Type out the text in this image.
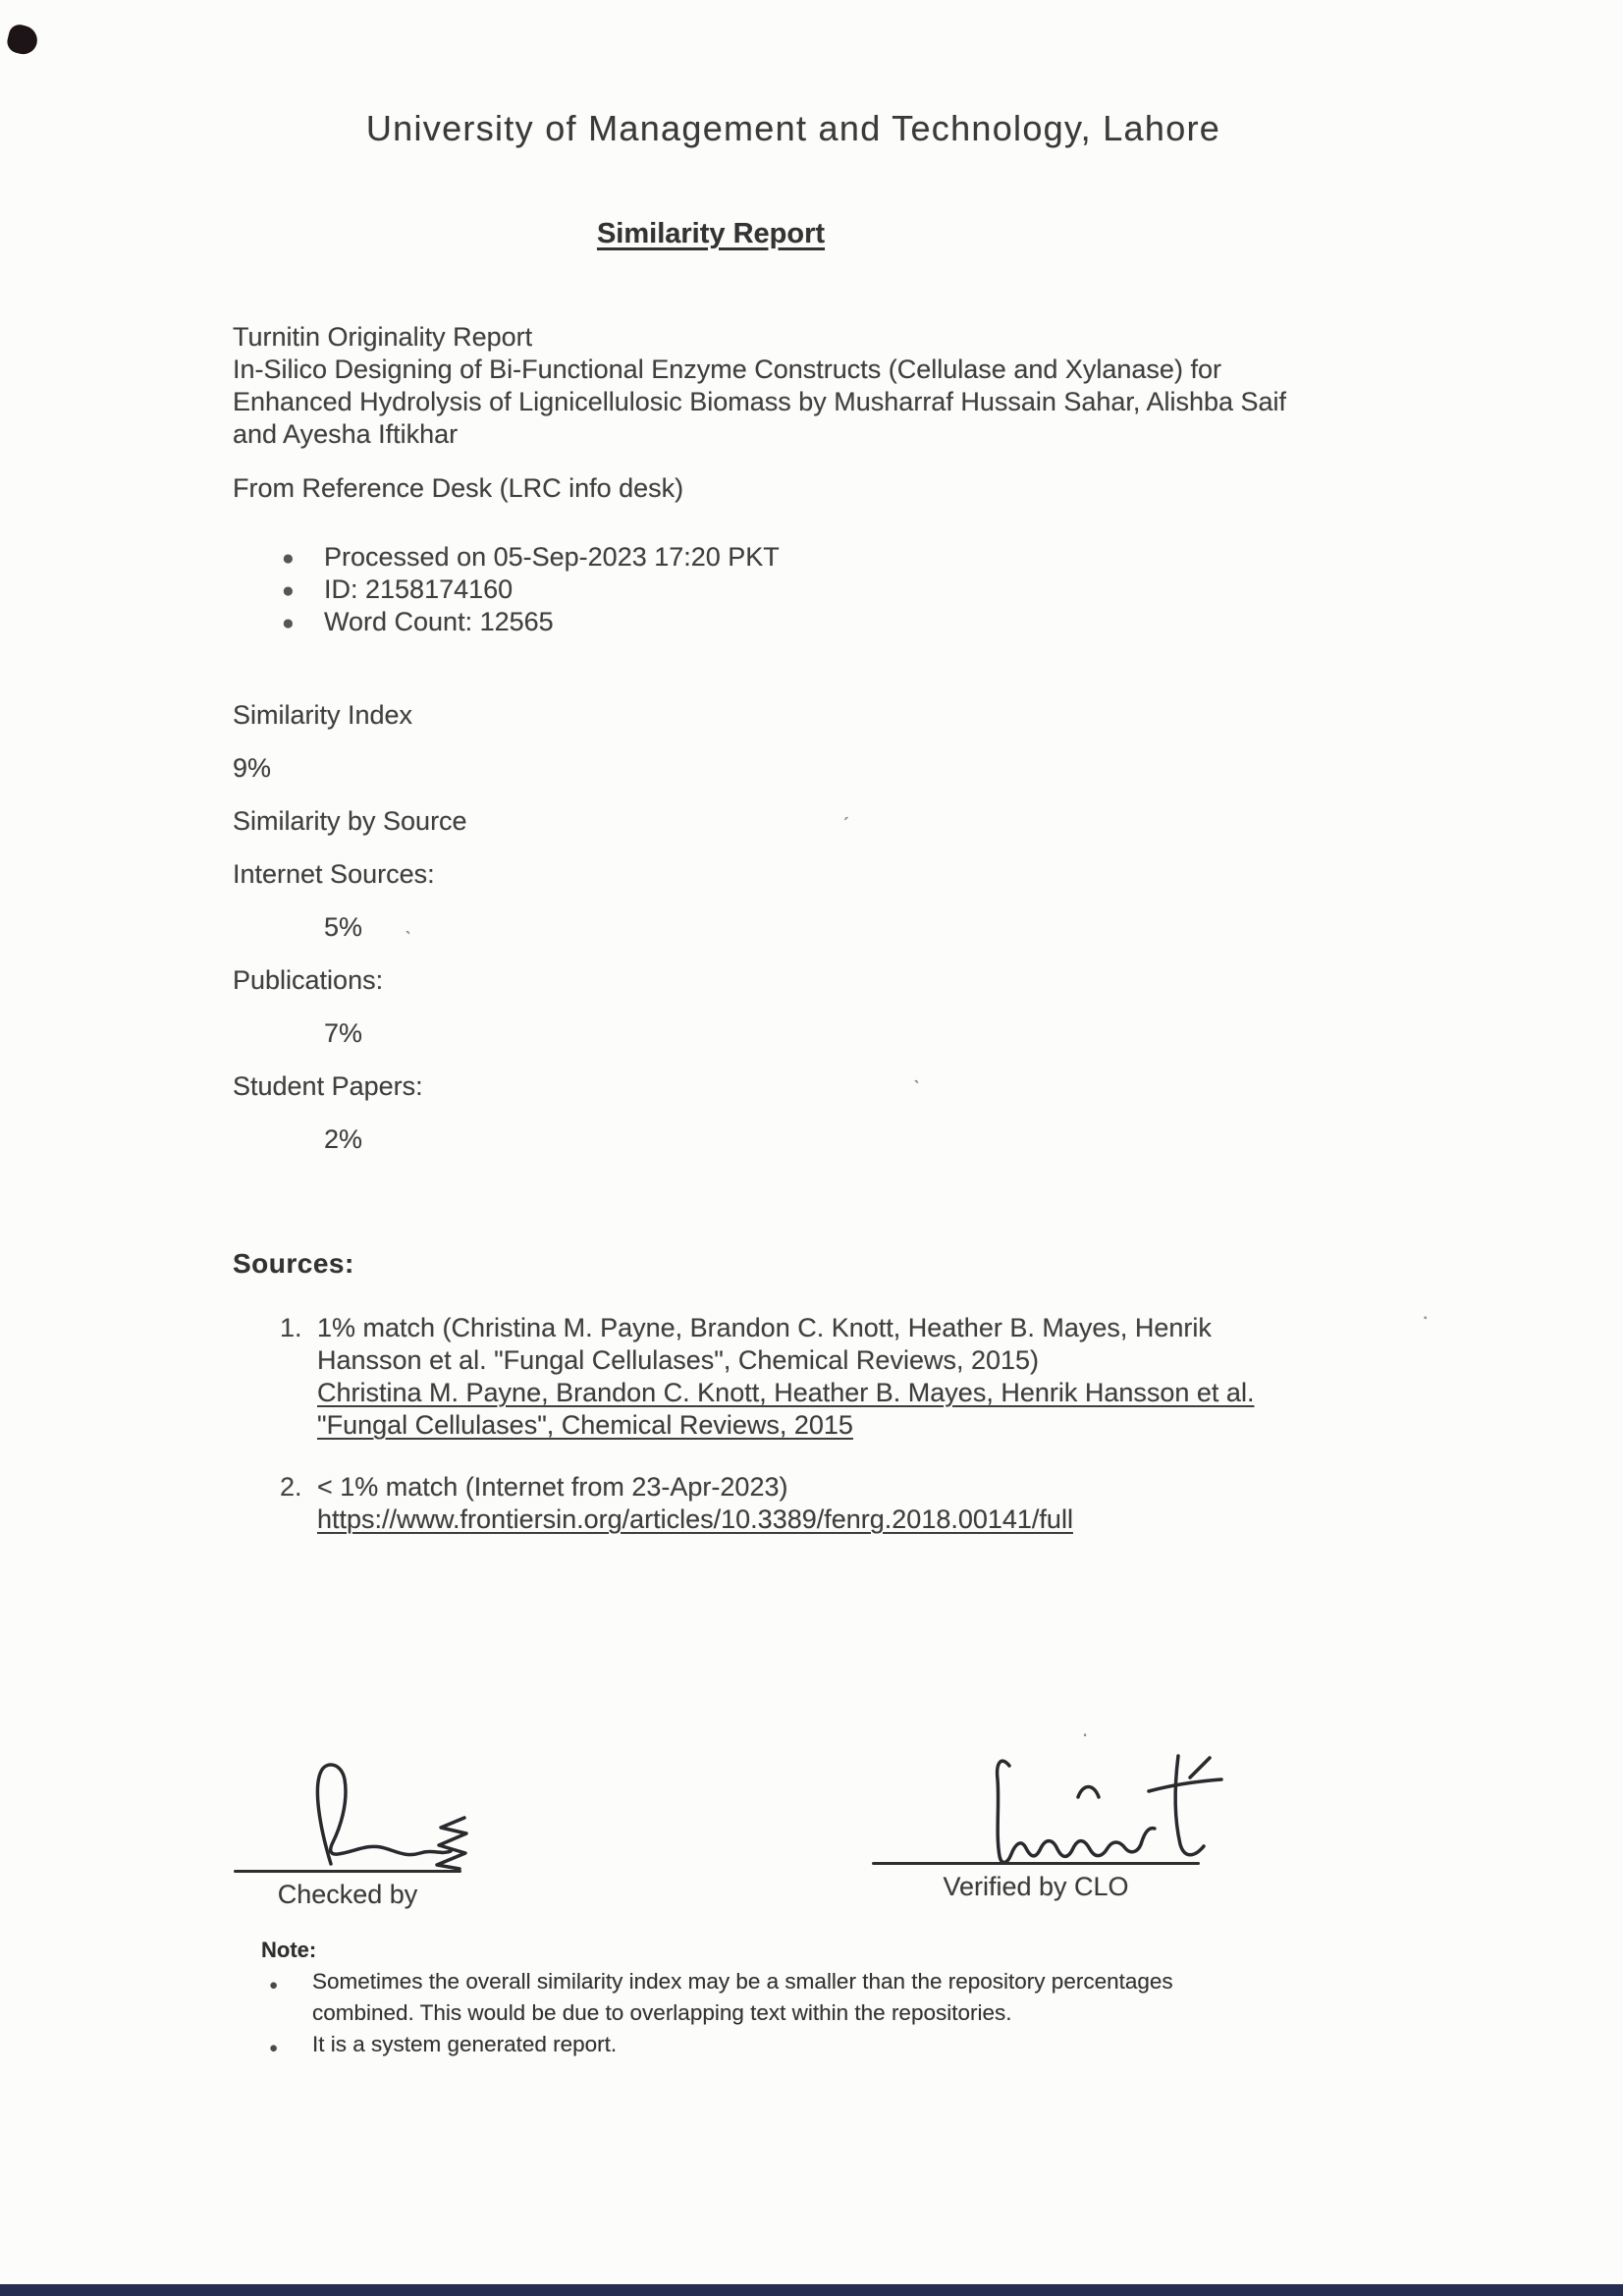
University of Management and Technology, Lahore
Similarity Report
Turnitin Originality Report
In-Silico Designing of Bi-Functional Enzyme Constructs (Cellulase and Xylanase) for
Enhanced Hydrolysis of Lignicellulosic Biomass by Musharraf Hussain Sahar, Alishba Saif
and Ayesha Iftikhar
From Reference Desk (LRC info desk)
● Processed on 05-Sep-2023 17:20 PKT
● ID: 2158174160
● Word Count: 12565
Similarity Index
9%
Similarity by Source
Internet Sources:
5%
Publications:
7%
Student Papers:
2%
Sources:
1. 1% match (Christina M. Payne, Brandon C. Knott, Heather B. Mayes, Henrik
Hansson et al. "Fungal Cellulases", Chemical Reviews, 2015)
Christina M. Payne, Brandon C. Knott, Heather B. Mayes, Henrik Hansson et al.
"Fungal Cellulases", Chemical Reviews, 2015
2. < 1% match (Internet from 23-Apr-2023)
https://www.frontiersin.org/articles/10.3389/fenrg.2018.00141/full
Checked by	Verified by CLO
Note:
● Sometimes the overall similarity index may be a smaller than the repository percentages
combined. This would be due to overlapping text within the repositories.
● It is a system generated report.
ˋ
ˊ
ˋ
·
.
